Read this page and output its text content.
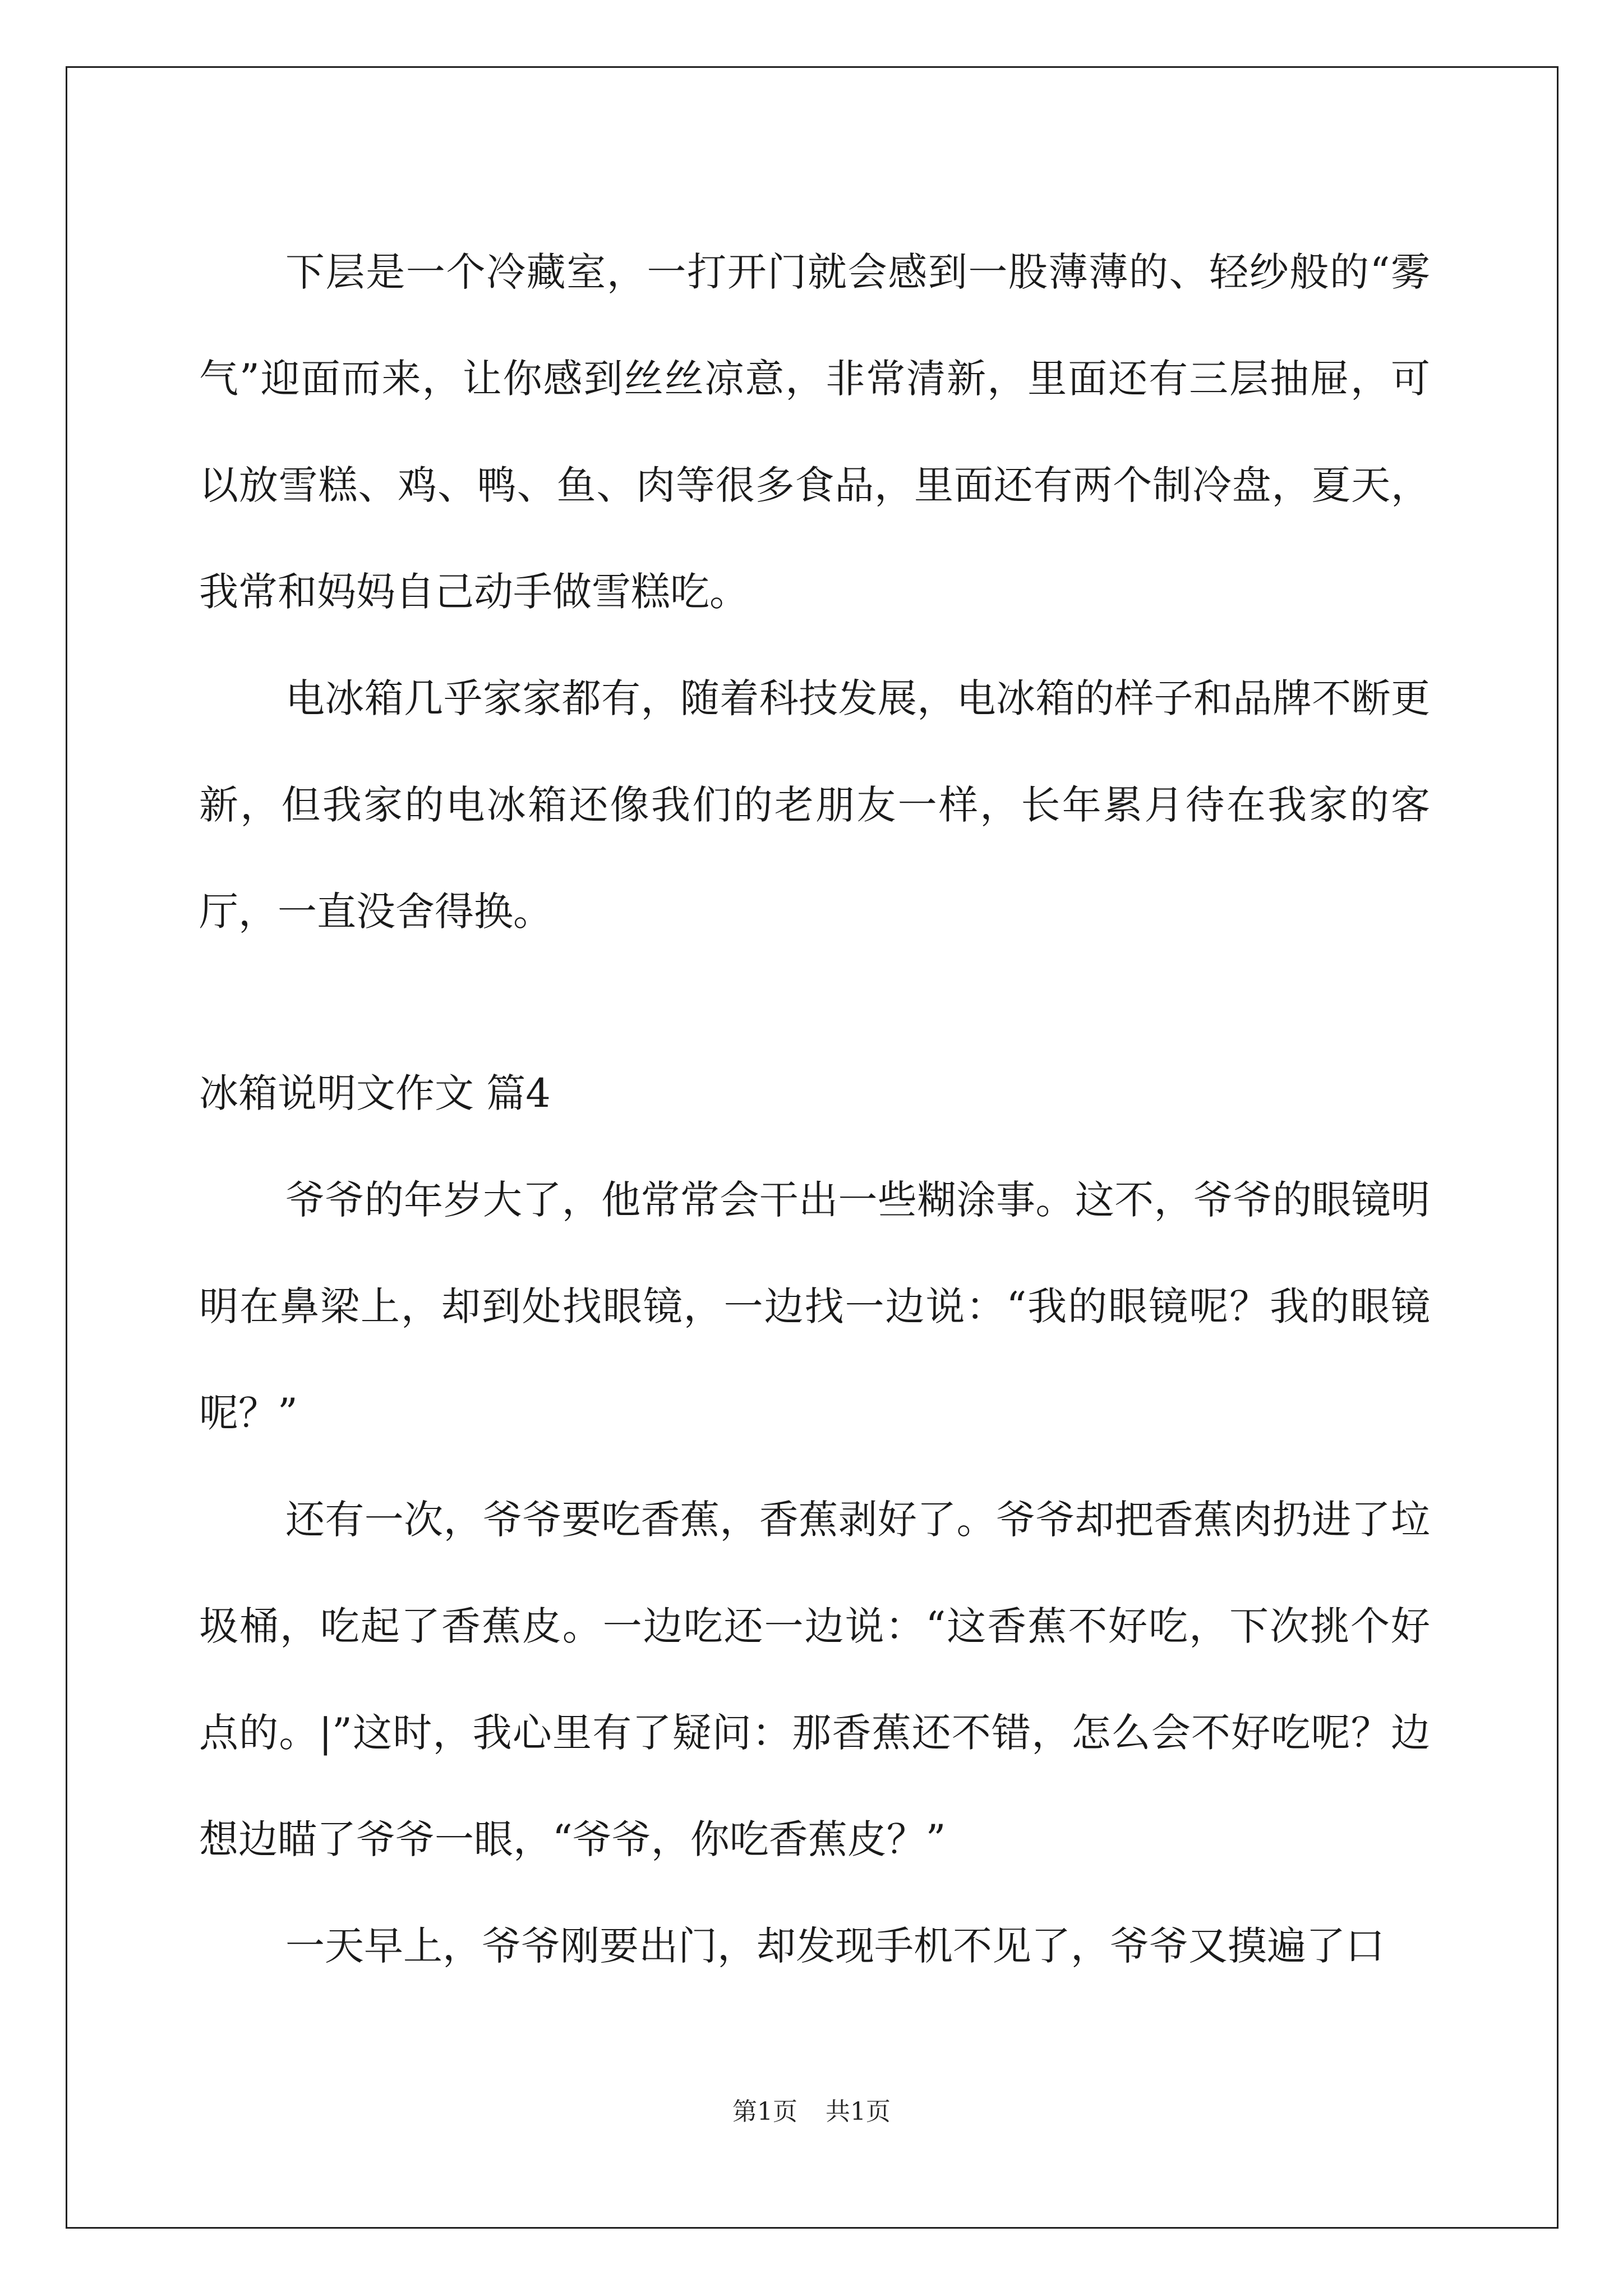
下层是一个冷藏室，一打开门就会感到一股薄薄的、轻纱般的“雾气”迎面而来，让你感到丝丝凉意，非常清新，里面还有三层抽屉，可以放雪糕、鸡、鸭、鱼、肉等很多食品，里面还有两个制冷盘，夏天，我常和妈妈自己动手做雪糕吃。

电冰箱几乎家家都有，随着科技发展，电冰箱的样子和品牌不断更新，但我家的电冰箱还像我们的老朋友一样，长年累月待在我家的客厅，一直没舍得换。

冰箱说明文作文 篇4

爷爷的年岁大了，他常常会干出一些糊涂事。这不，爷爷的眼镜明明在鼻梁上，却到处找眼镜，一边找一边说：“我的眼镜呢？我的眼镜呢？”

还有一次，爷爷要吃香蕉，香蕉剥好了。爷爷却把香蕉肉扔进了垃圾桶，吃起了香蕉皮。一边吃还一边说：“这香蕉不好吃，下次挑个好点的。|”这时，我心里有了疑问：那香蕉还不错，怎么会不好吃呢？边想边瞄了爷爷一眼，“爷爷，你吃香蕉皮？”

一天早上，爷爷刚要出门，却发现手机不见了，爷爷又摸遍了口

第1页 共1页
